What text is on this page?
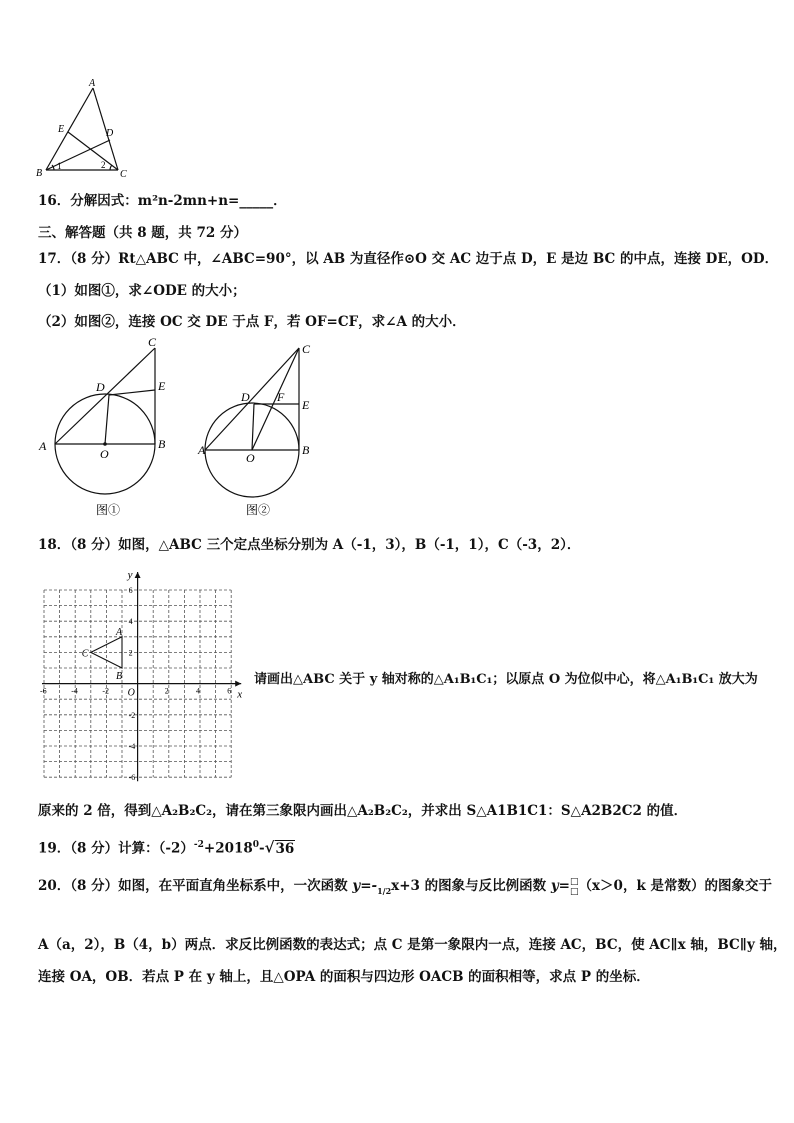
A
E	D
B	C
1	2
16．分解因式：m²n-2mn+n=_____．
三、解答题（共 8 题，共 72 分）
17．（8 分）Rt△ABC 中，∠ABC=90°，以 AB 为直径作⊙O 交 AC 边于点 D，E 是边 BC 的中点，连接 DE，OD．
（1）如图①，求∠ODE 的大小；
（2）如图②，连接 OC 交 DE 于点 F，若 OF=CF，求∠A 的大小．
C
D	E
A	B
O
图①
C
D F
E
A	B
O
图②
18．（8 分）如图，△ABC 三个定点坐标分别为 A（-1，3），B（-1，1），C（-3，2）．
x
y
O
-6	-4	-2	2	4	6
6
4
2
-2
-4
-6
A
B
C
请画出△ABC 关于 y 轴对称的△A₁B₁C₁；以原点 O 为位似中心，将△A₁B₁C₁ 放大为
原来的 2 倍，得到△A₂B₂C₂，请在第三象限内画出△A₂B₂C₂，并求出 S△A1B1C1：S△A2B2C2 的值．
19．（8 分）计算：$(-2)^{-2}+2018^0-√36$
20．（8 分）如图，在平面直角坐标系中，一次函数 y=-
1/2x+3 的图象与反比例函数 y=□
□（x＞0，k 是常数）的图象交于
A（a，2），B（4，b）两点．求反比例函数的表达式；点 C 是第一象限内一点，连接 AC，BC，使 AC∥x 轴，BC∥y 轴，
连接 OA，OB．若点 P 在 y 轴上，且△OPA 的面积与四边形 OACB 的面积相等，求点 P 的坐标．
